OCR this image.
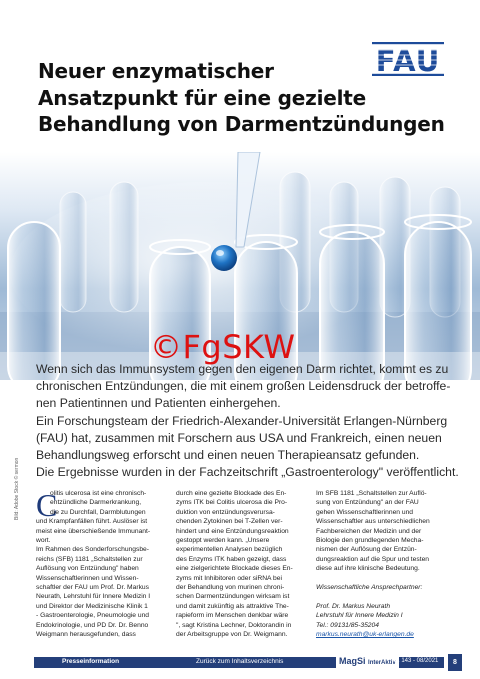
Neuer enzymatischer
Ansatzpunkt für eine gezielte
Behandlung von Darmentzündungen
FAU
©FgSKW
Bild: Adobe Stock © sermon

Wenn sich das Immunsystem gegen den eigenen Darm richtet, kommt es zu
chronischen Entzündungen, die mit einem großen Leidensdruck der betroffe-
nen Patientinnen und Patienten einhergehen.

Ein Forschungsteam der Friedrich-Alexander-Universität Erlangen-Nürnberg
(FAU) hat, zusammen mit Forschern aus USA und Frankreich, einen neuen
Behandlungsweg erforscht und einen neuen Therapieansatz gefunden.
Die Ergebnisse wurden in der Fachzeitschrift „Gastroenterology" veröffentlicht.

C
olitis ulcerosa ist eine chronisch-
entzündliche Darmerkrankung,
die zu Durchfall, Darmblutungen
und Krampfanfällen führt. Auslöser ist
meist eine überschießende Immunant-
wort.
Im Rahmen des Sonderforschungsbe-
reichs (SFB) 1181 „Schaltstellen zur
Auflösung von Entzündung" haben
Wissenschaftlerinnen und Wissen-
schaftler der FAU um Prof. Dr. Markus
Neurath, Lehrstuhl für Innere Medizin I
und Direktor der Medizinische Klinik 1
- Gastroenterologie, Pneumologie und
Endokrinologie, und PD Dr. Dr. Benno
Weigmann herausgefunden, dass
durch eine gezielte Blockade des En-
zyms ITK bei Colitis ulcerosa die Pro-
duktion von entzündungsverursa-
chenden Zytokinen bei T-Zellen ver-
hindert und eine Entzündungsreaktion
gestoppt werden kann. „Unsere
experimentellen Analysen bezüglich
des Enzyms ITK haben gezeigt, dass
eine zielgerichtete Blockade dieses En-
zyms mit Inhibitoren oder siRNA bei
der Behandlung von murinen chroni-
schen Darmentzündungen wirksam ist
und damit zukünftig als attraktive The-
rapieform im Menschen denkbar wäre
", sagt Kristina Lechner, Doktorandin in
der Arbeitsgruppe von Dr. Weigmann.
Im SFB 1181 „Schaltstellen zur Auflö-
sung von Entzündung" an der FAU
gehen Wissenschaftlerinnen und
Wissenschaftler aus unterschiedlichen
Fachbereichen der Medizin und der
Biologie den grundlegenden Mecha-
nismen der Auflösung der Entzün-
dungsreaktion auf die Spur und testen
diese auf ihre klinische Bedeutung.
Wissenschaftliche Ansprechpartner:
Prof. Dr. Markus Neurath
Lehrstuhl für Innere Medizin I
Tel.: 09131/85-35204
markus.neurath@uk-erlangen.de
Presseinformation	Zurück zum Inhaltsverzeichnis	MagSi InterAktiv
Nr. 143 - 08/2021	8
